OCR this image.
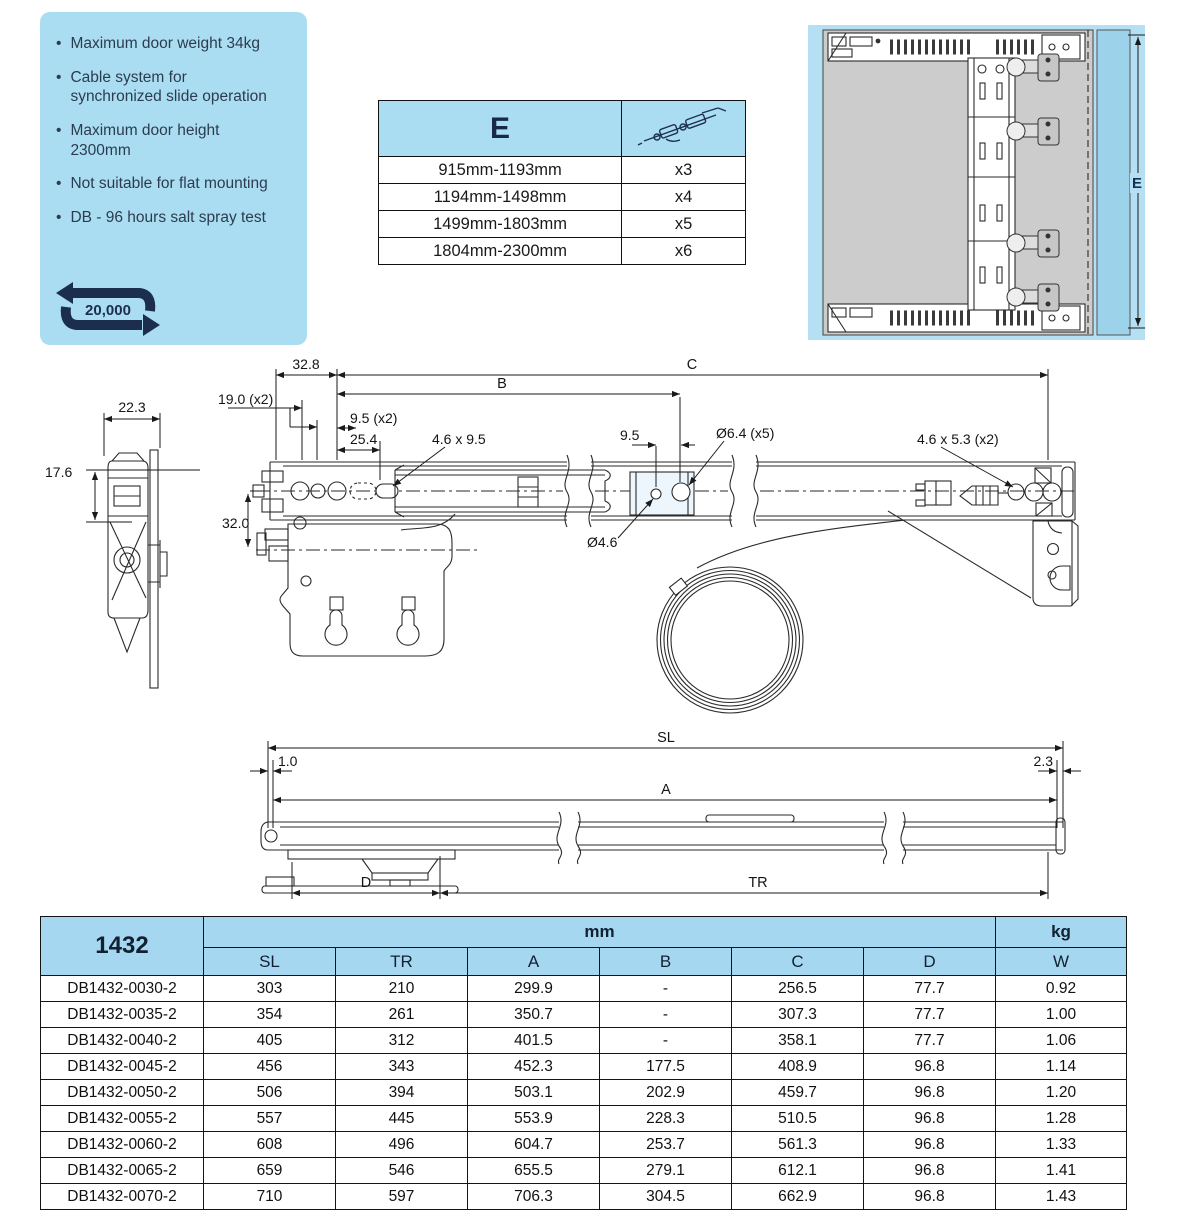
• Maximum door weight 34kg
• Cable system for synchronized slide operation
• Maximum door height 2300mm
• Not suitable for flat mounting
• DB - 96 hours salt spray test
20,000
E	
915mm-1193mm	x3
1194mm-1498mm	x4
1499mm-1803mm	x5
1804mm-2300mm	x6
E
22.3
17.6
32.8	C
B
19.0 (x2)
9.5 (x2)
25.4	4.6 x 9.5	9.5	Ø6.4 (x5)
Ø4.6
4.6 x 5.3 (x2)
32.0
SL
1.0	2.3
A
D	TR
1432	mm						kg
	SL	TR	A	B	C	D	W
DB1432-0030-2	303	210	299.9	-	256.5	77.7	0.92
DB1432-0035-2	354	261	350.7	-	307.3	77.7	1.00
DB1432-0040-2	405	312	401.5	-	358.1	77.7	1.06
DB1432-0045-2	456	343	452.3	177.5	408.9	96.8	1.14
DB1432-0050-2	506	394	503.1	202.9	459.7	96.8	1.20
DB1432-0055-2	557	445	553.9	228.3	510.5	96.8	1.28
DB1432-0060-2	608	496	604.7	253.7	561.3	96.8	1.33
DB1432-0065-2	659	546	655.5	279.1	612.1	96.8	1.41
DB1432-0070-2	710	597	706.3	304.5	662.9	96.8	1.43
